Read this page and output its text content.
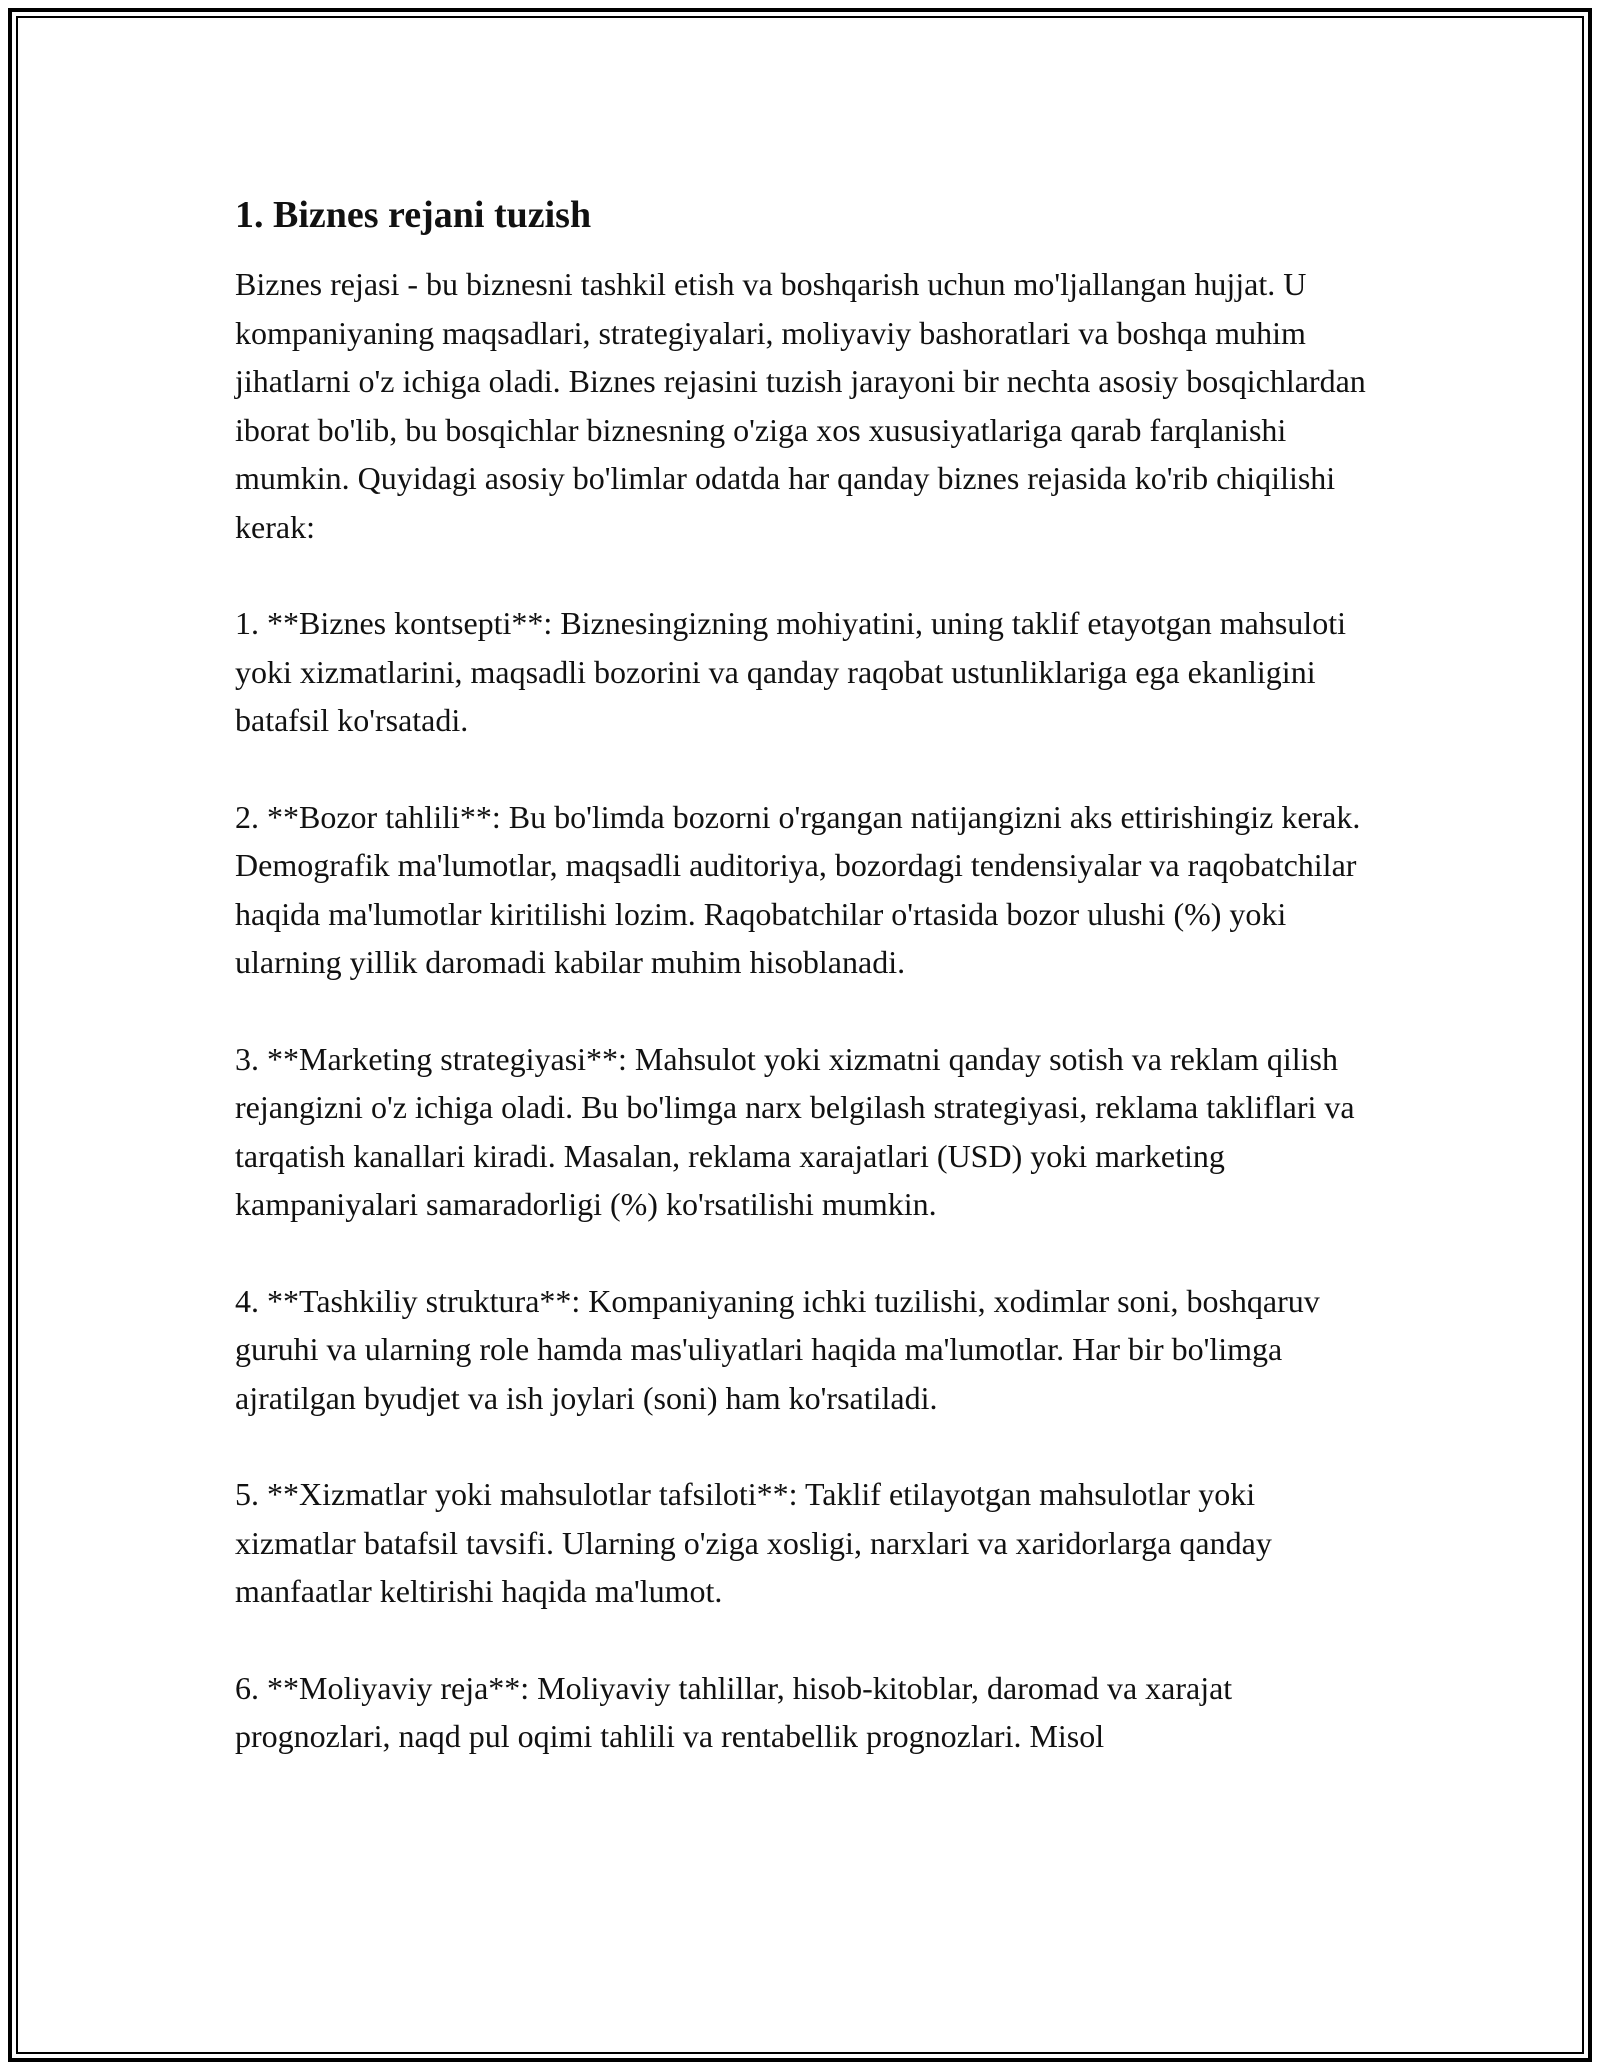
1. Biznes rejani tuzish

Biznes rejasi - bu biznesni tashkil etish va boshqarish uchun mo'ljallangan hujjat. U kompaniyaning maqsadlari, strategiyalari, moliyaviy bashoratlari va boshqa muhim jihatlarni o'z ichiga oladi. Biznes rejasini tuzish jarayoni bir nechta asosiy bosqichlardan iborat bo'lib, bu bosqichlar biznesning o'ziga xos xususiyatlariga qarab farqlanishi mumkin. Quyidagi asosiy bo'limlar odatda har qanday biznes rejasida ko'rib chiqilishi kerak:

1. **Biznes kontsepti**: Biznesingizning mohiyatini, uning taklif etayotgan mahsuloti yoki xizmatlarini, maqsadli bozorini va qanday raqobat ustunliklariga ega ekanligini batafsil ko'rsatadi.

2. **Bozor tahlili**: Bu bo'limda bozorni o'rgangan natijangizni aks ettirishingiz kerak. Demografik ma'lumotlar, maqsadli auditoriya, bozordagi tendensiyalar va raqobatchilar haqida ma'lumotlar kiritilishi lozim. Raqobatchilar o'rtasida bozor ulushi (%) yoki ularning yillik daromadi kabilar muhim hisoblanadi.

3. **Marketing strategiyasi**: Mahsulot yoki xizmatni qanday sotish va reklam qilish rejangizni o'z ichiga oladi. Bu bo'limga narx belgilash strategiyasi, reklama takliflari va tarqatish kanallari kiradi. Masalan, reklama xarajatlari (USD) yoki marketing kampaniyalari samaradorligi (%) ko'rsatilishi mumkin.

4. **Tashkiliy struktura**: Kompaniyaning ichki tuzilishi, xodimlar soni, boshqaruv guruhi va ularning role hamda mas'uliyatlari haqida ma'lumotlar. Har bir bo'limga ajratilgan byudjet va ish joylari (soni) ham ko'rsatiladi.

5. **Xizmatlar yoki mahsulotlar tafsiloti**: Taklif etilayotgan mahsulotlar yoki xizmatlar batafsil tavsifi. Ularning o'ziga xosligi, narxlari va xaridorlarga qanday manfaatlar keltirishi haqida ma'lumot.

6. **Moliyaviy reja**: Moliyaviy tahlillar, hisob-kitoblar, daromad va xarajat prognozlari, naqd pul oqimi tahlili va rentabellik prognozlari. Misol
